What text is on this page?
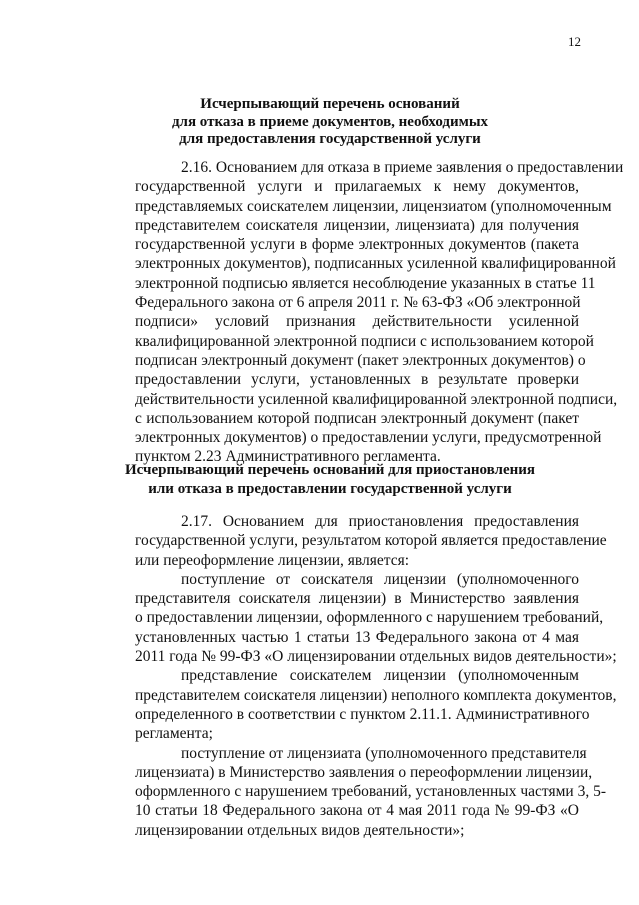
12
Исчерпывающий перечень оснований
для отказа в приеме документов, необходимых
для предоставления государственной услуги
2.16. Основанием для отказа в приеме заявления о предоставлении
государственной услуги и прилагаемых к нему документов,
представляемых соискателем лицензии, лицензиатом (уполномоченным
представителем соискателя лицензии, лицензиата) для получения
государственной услуги в форме электронных документов (пакета
электронных документов), подписанных усиленной квалифицированной
электронной подписью является несоблюдение указанных в статье 11
Федерального закона от 6 апреля 2011 г. № 63-ФЗ «Об электронной
подписи» условий признания действительности усиленной
квалифицированной электронной подписи с использованием которой
подписан электронный документ (пакет электронных документов) о
предоставлении услуги, установленных в результате проверки
действительности усиленной квалифицированной электронной подписи,
с использованием которой подписан электронный документ (пакет
электронных документов) о предоставлении услуги, предусмотренной
пунктом 2.23 Административного регламента.
Исчерпывающий перечень оснований для приостановления
или отказа в предоставлении государственной услуги
2.17. Основанием для приостановления предоставления
государственной услуги, результатом которой является предоставление
или переоформление лицензии, является:
поступление от соискателя лицензии (уполномоченного
представителя соискателя лицензии) в Министерство заявления
о предоставлении лицензии, оформленного с нарушением требований,
установленных частью 1 статьи 13 Федерального закона от 4 мая
2011 года № 99-ФЗ «О лицензировании отдельных видов деятельности»;
представление соискателем лицензии (уполномоченным
представителем соискателя лицензии) неполного комплекта документов,
определенного в соответствии с пунктом 2.11.1. Административного
регламента;
поступление от лицензиата (уполномоченного представителя
лицензиата) в Министерство заявления о переоформлении лицензии,
оформленного с нарушением требований, установленных частями 3, 5-
10 статьи 18 Федерального закона от 4 мая 2011 года № 99-ФЗ «О
лицензировании отдельных видов деятельности»;
